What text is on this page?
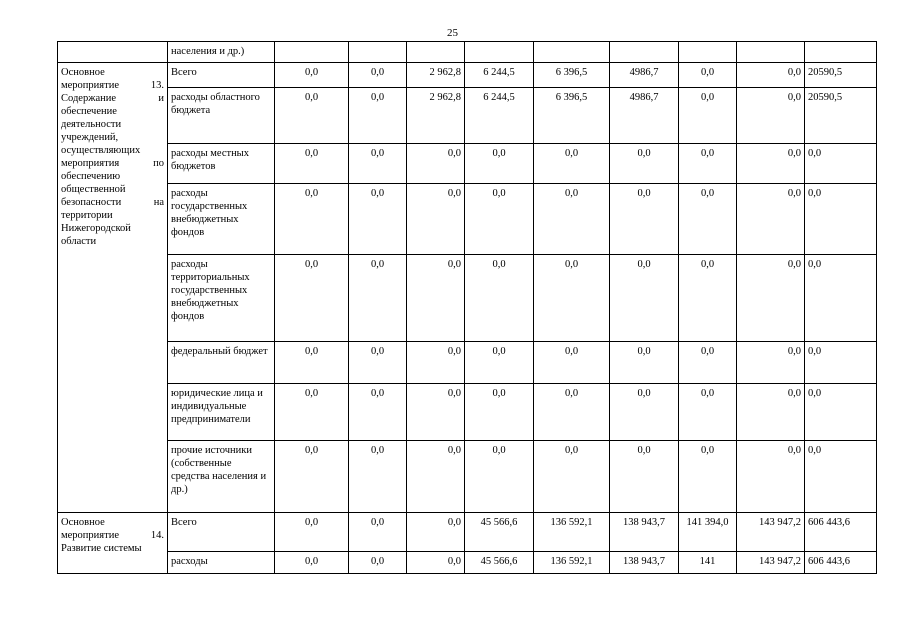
25
	населения и др.)									
Основное мероприятие 13. Содержание и обеспечение деятельности учреждений, осуществляющих мероприятия по обеспечению общественной безопасности на территории Нижегородской области	Всего	0,0	0,0	2 962,8	6 244,5	6 396,5	4986,7	0,0	0,0	20590,5
	расходы областного бюджета	0,0	0,0	2 962,8	6 244,5	6 396,5	4986,7	0,0	0,0	20590,5
	расходы местных бюджетов	0,0	0,0	0,0	0,0	0,0	0,0	0,0	0,0	0,0
	расходы государственных внебюджетных фондов	0,0	0,0	0,0	0,0	0,0	0,0	0,0	0,0	0,0
	расходы территориальных государственных внебюджетных фондов	0,0	0,0	0,0	0,0	0,0	0,0	0,0	0,0	0,0
	федеральный бюджет	0,0	0,0	0,0	0,0	0,0	0,0	0,0	0,0	0,0
	юридические лица и индивидуальные предприниматели	0,0	0,0	0,0	0,0	0,0	0,0	0,0	0,0	0,0
	прочие источники (собственные средства населения и др.)	0,0	0,0	0,0	0,0	0,0	0,0	0,0	0,0	0,0
Основное мероприятие 14. Развитие системы	Всего	0,0	0,0	0,0	45 566,6	136 592,1	138 943,7	141 394,0	143 947,2	606 443,6
	расходы	0,0	0,0	0,0	45 566,6	136 592,1	138 943,7	141	143 947,2	606 443,6
